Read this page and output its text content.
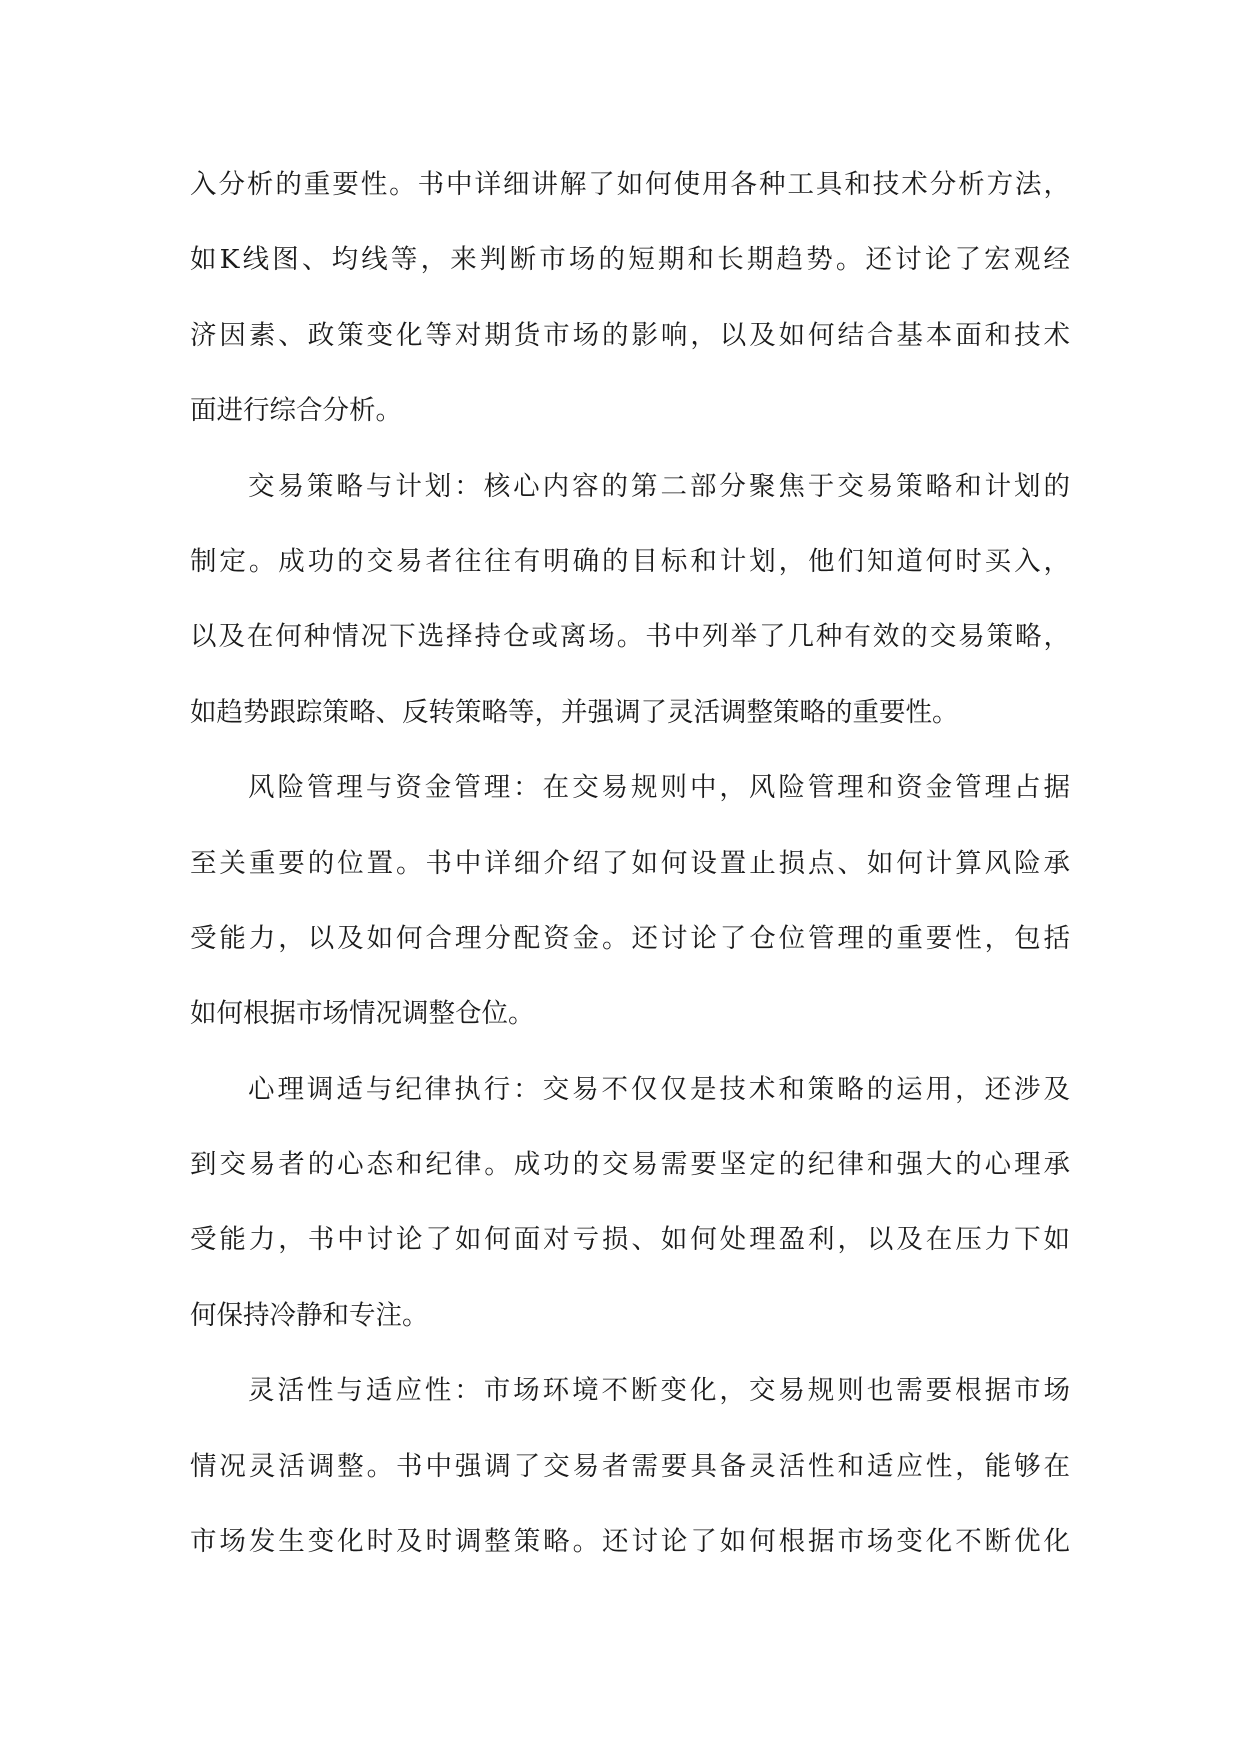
入分析的重要性。书中详细讲解了如何使用各种工具和技术分析方法，
如K线图、均线等，来判断市场的短期和长期趋势。还讨论了宏观经
济因素、政策变化等对期货市场的影响，以及如何结合基本面和技术
面进行综合分析。
交易策略与计划：核心内容的第二部分聚焦于交易策略和计划的
制定。成功的交易者往往有明确的目标和计划，他们知道何时买入，
以及在何种情况下选择持仓或离场。书中列举了几种有效的交易策略，
如趋势跟踪策略、反转策略等，并强调了灵活调整策略的重要性。
风险管理与资金管理：在交易规则中，风险管理和资金管理占据
至关重要的位置。书中详细介绍了如何设置止损点、如何计算风险承
受能力，以及如何合理分配资金。还讨论了仓位管理的重要性，包括
如何根据市场情况调整仓位。
心理调适与纪律执行：交易不仅仅是技术和策略的运用，还涉及
到交易者的心态和纪律。成功的交易需要坚定的纪律和强大的心理承
受能力，书中讨论了如何面对亏损、如何处理盈利，以及在压力下如
何保持冷静和专注。
灵活性与适应性：市场环境不断变化，交易规则也需要根据市场
情况灵活调整。书中强调了交易者需要具备灵活性和适应性，能够在
市场发生变化时及时调整策略。还讨论了如何根据市场变化不断优化
